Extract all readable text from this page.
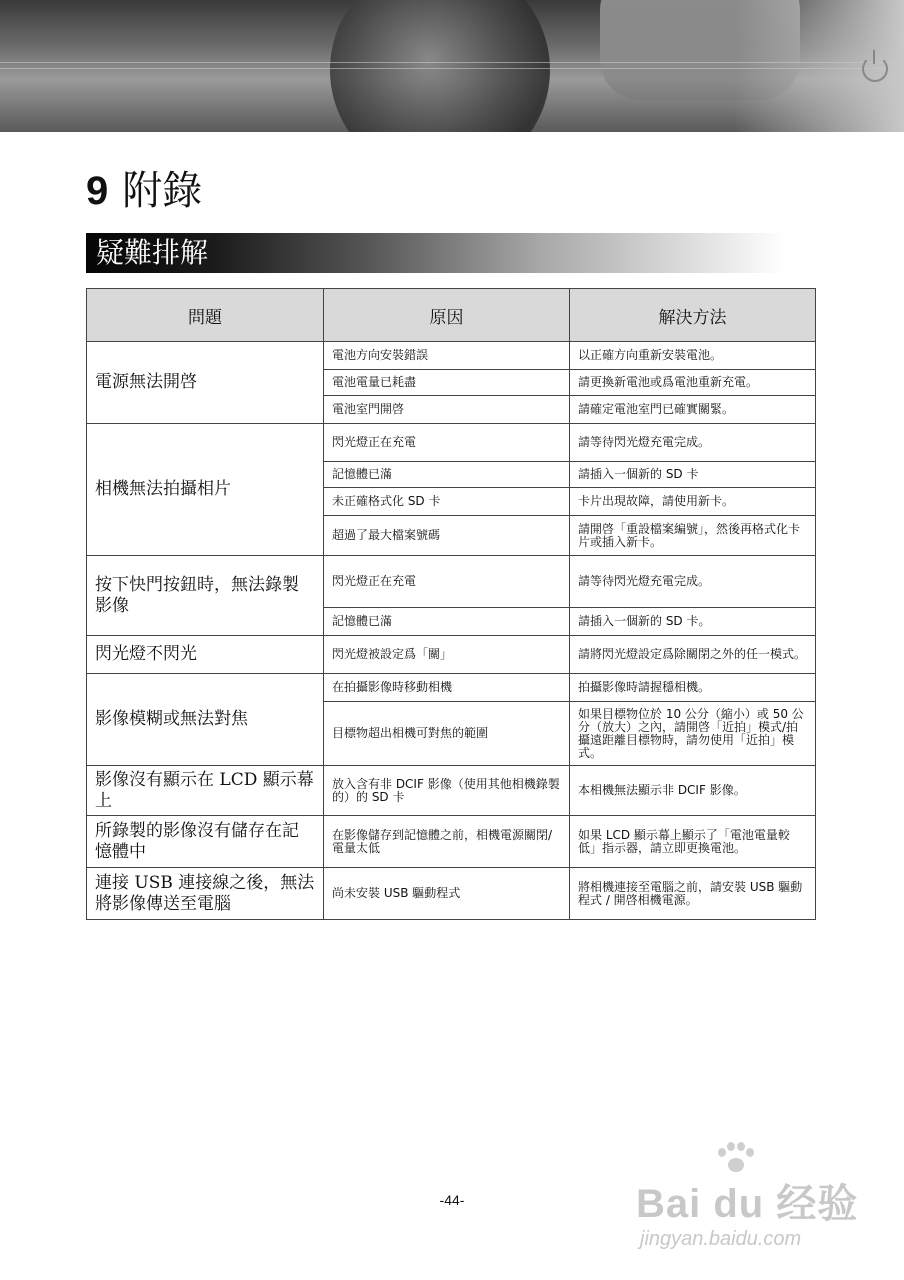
9 附錄
疑難排解
問題	原因	解決方法
電源無法開啓	電池方向安裝錯誤	以正確方向重新安裝電池。
	電池電量已耗盡	請更換新電池或爲電池重新充電。
	電池室門開啓	請確定電池室門已確實關緊。
相機無法拍攝相片	閃光燈正在充電	請等待閃光燈充電完成。
	記憶體已滿	請插入一個新的 SD 卡
	未正確格式化 SD 卡	卡片出現故障，請使用新卡。
	超過了最大檔案號碼	請開啓「重設檔案編號」，然後再格式化卡片或插入新卡。
按下快門按鈕時，無法錄製影像	閃光燈正在充電	請等待閃光燈充電完成。
	記憶體已滿	請插入一個新的 SD 卡。
閃光燈不閃光	閃光燈被設定爲「關」	請將閃光燈設定爲除關閉之外的任一模式。
影像模糊或無法對焦	在拍攝影像時移動相機	拍攝影像時請握穩相機。
	目標物超出相機可對焦的範圍	如果目標物位於 10 公分（縮小）或 50 公分（放大）之內，請開啓「近拍」模式/拍攝遠距離目標物時，請勿使用「近拍」模式。
影像沒有顯示在 LCD 顯示幕上	放入含有非 DCIF 影像（使用其他相機錄製的）的 SD 卡	本相機無法顯示非 DCIF 影像。
所錄製的影像沒有儲存在記憶體中	在影像儲存到記憶體之前，相機電源關閉/電量太低	如果 LCD 顯示幕上顯示了「電池電量較低」指示器，請立即更換電池。
連接 USB 連接線之後，無法將影像傳送至電腦	尚未安裝 USB 驅動程式	將相機連接至電腦之前，請安裝 USB 驅動程式 / 開啓相機電源。
-44-	Bai du 经验
jingyan.baidu.com
